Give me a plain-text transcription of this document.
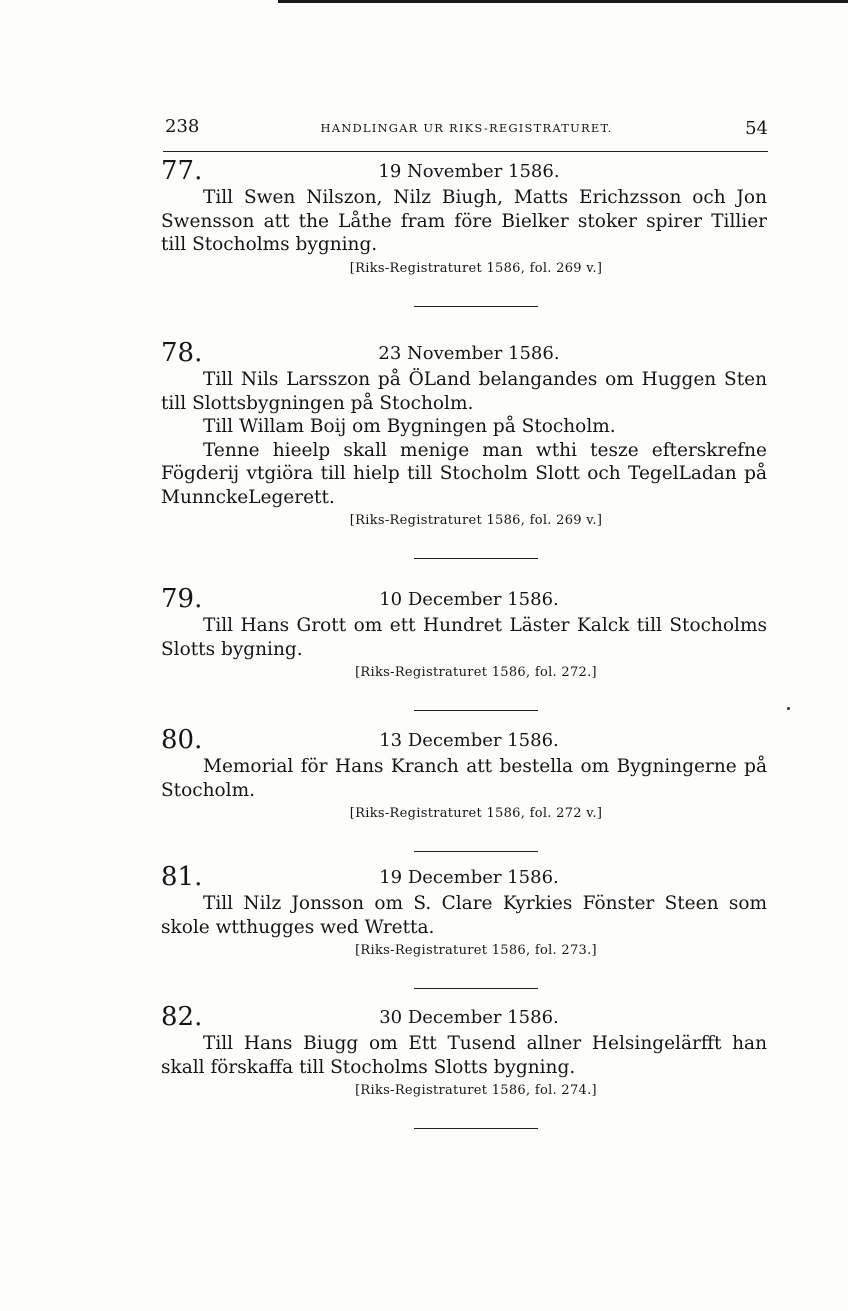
238	HANDLINGAR UR RIKS-REGISTRATURET.	54
77.	19 November 1586.

Till Swen Nilszon, Nilz Biugh, Matts Erichzsson och Jon Swensson att the Låthe fram före Bielker stoker spirer Tillier till Stocholms bygning.

[Riks-Registraturet 1586, fol. 269 v.]
78.	23 November 1586.

Till Nils Larsszon på ÖLand belangandes om Huggen Sten till Slottsbygningen på Stocholm.

Till Willam Boij om Bygningen på Stocholm.

Tenne hieelp skall menige man wthi tesze efterskrefne Fögderij vtgiöra till hielp till Stocholm Slott och TegelLadan på MunnckeLegerett.

[Riks-Registraturet 1586, fol. 269 v.]
79.	10 December 1586.

Till Hans Grott om ett Hundret Läster Kalck till Stocholms Slotts bygning.

[Riks-Registraturet 1586, fol. 272.]
80.	13 December 1586.

Memorial för Hans Kranch att bestella om Bygningerne på Stocholm.

[Riks-Registraturet 1586, fol. 272 v.]
81.	19 December 1586.

Till Nilz Jonsson om S. Clare Kyrkies Fönster Steen som skole wtthugges wed Wretta.

[Riks-Registraturet 1586, fol. 273.]
82.	30 December 1586.

Till Hans Biugg om Ett Tusend allner Helsingelärfft han skall förskaffa till Stocholms Slotts bygning.

[Riks-Registraturet 1586, fol. 274.]
